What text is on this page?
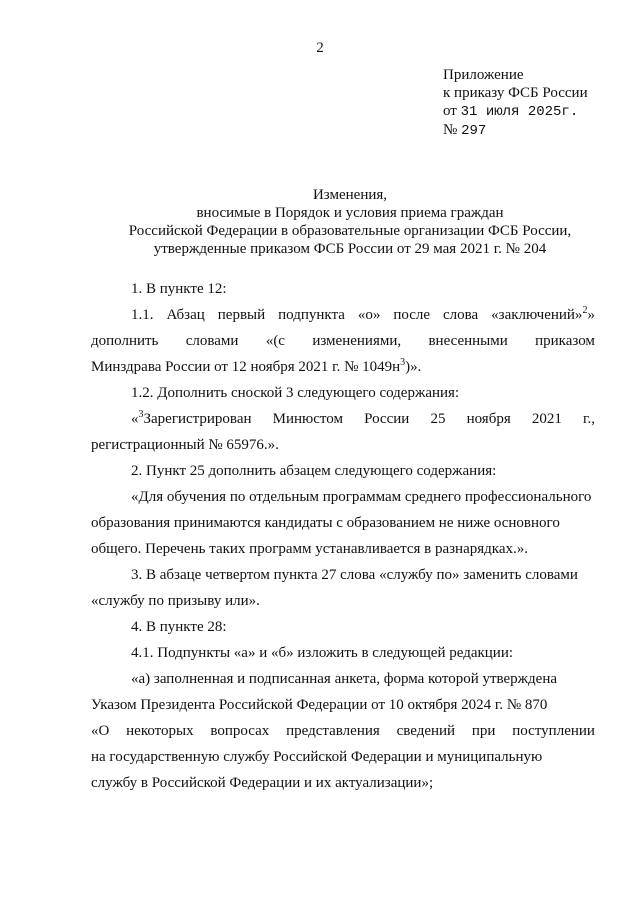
2
Приложение
к приказу ФСБ России
от 31 июля 2025г.
№ 297
Изменения,
вносимые в Порядок и условия приема граждан
Российской Федерации в образовательные организации ФСБ России,
утвержденные приказом ФСБ России от 29 мая 2021 г. № 204
1. В пункте 12:
1.1. Абзац первый подпункта «о» после слова «заключений»$^2$»
дополнить словами «(с изменениями, внесенными приказом
Минздрава России от 12 ноября 2021 г. № $1049н^3$)».
1.2. Дополнить сноской 3 следующего содержания:
«$^3$Зарегистрирован Минюстом России 25 ноября 2021 г.,
регистрационный № 65976.».
2. Пункт 25 дополнить абзацем следующего содержания:
«Для обучения по отдельным программам среднего профессионального
образования принимаются кандидаты с образованием не ниже основного
общего. Перечень таких программ устанавливается в разнарядках.».
3. В абзаце четвертом пункта 27 слова «службу по» заменить словами
«службу по призыву или».
4. В пункте 28:
4.1. Подпункты «а» и «б» изложить в следующей редакции:
«а) заполненная и подписанная анкета, форма которой утверждена
Указом Президента Российской Федерации от 10 октября 2024 г. № 870
«О некоторых вопросах представления сведений при поступлении
на государственную службу Российской Федерации и муниципальную
службу в Российской Федерации и их актуализации»;
